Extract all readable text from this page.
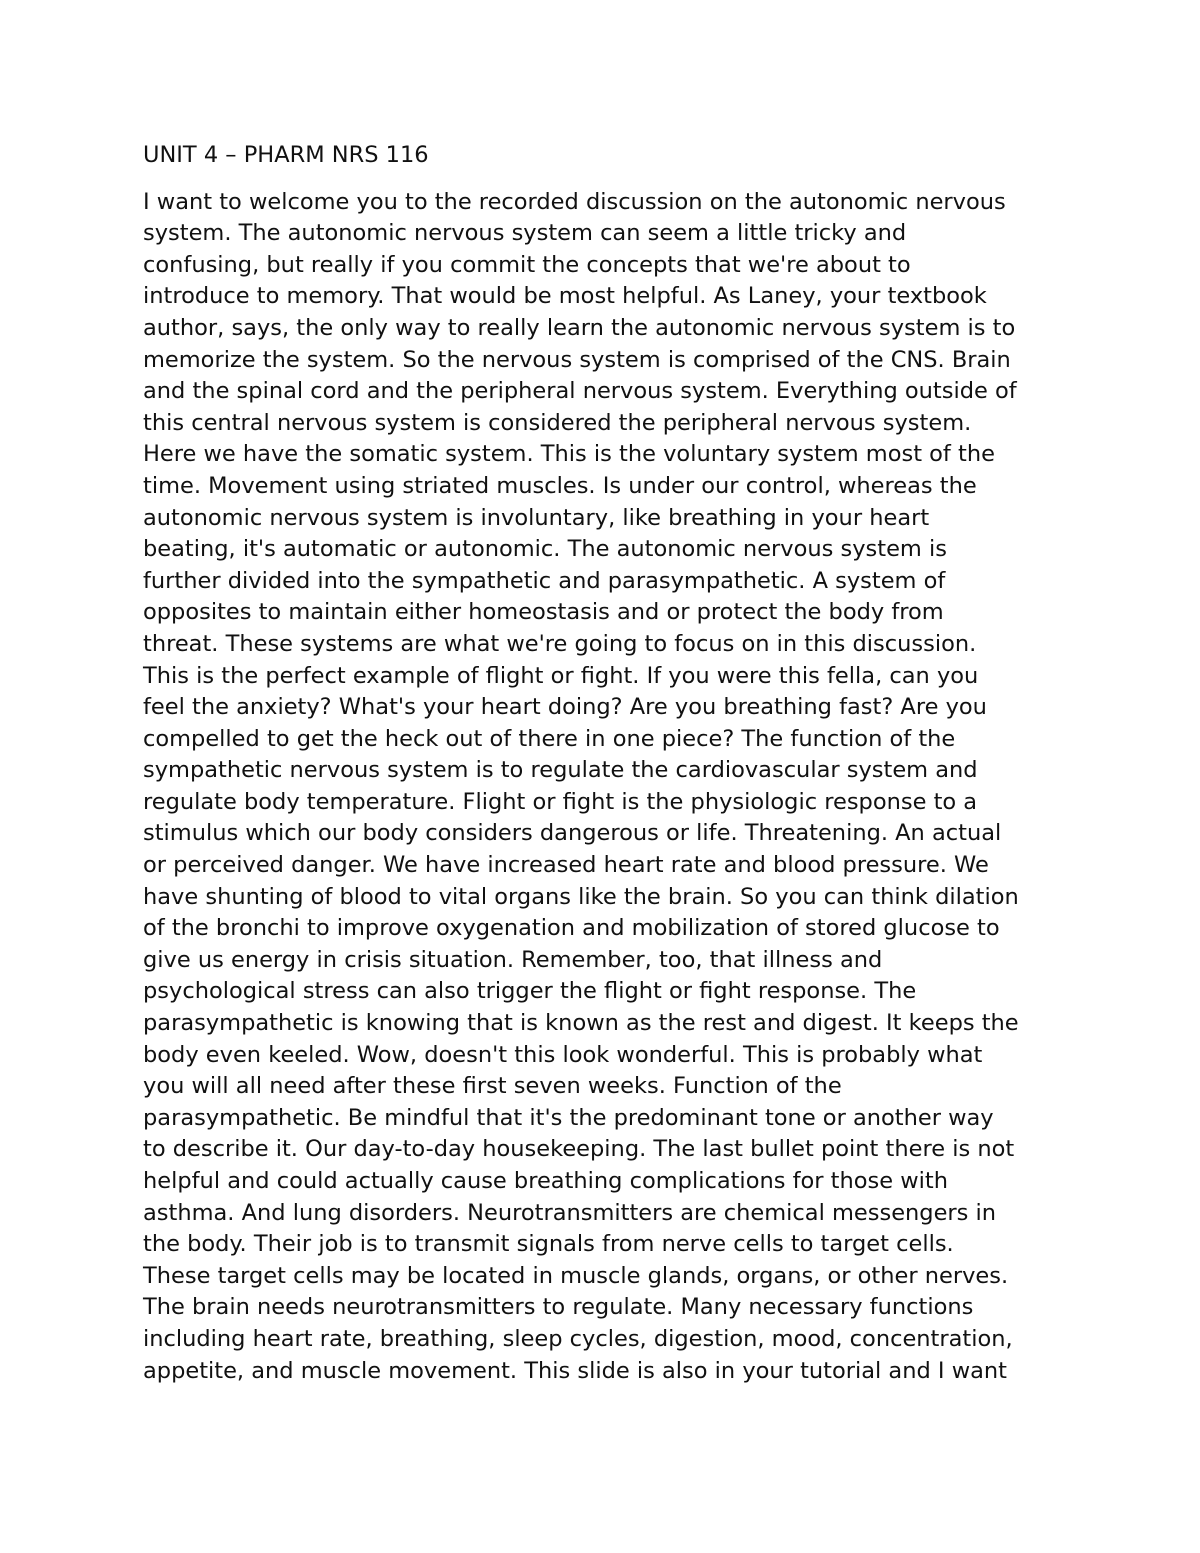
UNIT 4 – PHARM NRS 116
I want to welcome you to the recorded discussion on the autonomic nervous
system. The autonomic nervous system can seem a little tricky and
confusing, but really if you commit the concepts that we're about to
introduce to memory. That would be most helpful. As Laney, your textbook
author, says, the only way to really learn the autonomic nervous system is to
memorize the system. So the nervous system is comprised of the CNS. Brain
and the spinal cord and the peripheral nervous system. Everything outside of
this central nervous system is considered the peripheral nervous system.
Here we have the somatic system. This is the voluntary system most of the
time. Movement using striated muscles. Is under our control, whereas the
autonomic nervous system is involuntary, like breathing in your heart
beating, it's automatic or autonomic. The autonomic nervous system is
further divided into the sympathetic and parasympathetic. A system of
opposites to maintain either homeostasis and or protect the body from
threat. These systems are what we're going to focus on in this discussion.
This is the perfect example of flight or fight. If you were this fella, can you
feel the anxiety? What's your heart doing? Are you breathing fast? Are you
compelled to get the heck out of there in one piece? The function of the
sympathetic nervous system is to regulate the cardiovascular system and
regulate body temperature. Flight or fight is the physiologic response to a
stimulus which our body considers dangerous or life. Threatening. An actual
or perceived danger. We have increased heart rate and blood pressure. We
have shunting of blood to vital organs like the brain. So you can think dilation
of the bronchi to improve oxygenation and mobilization of stored glucose to
give us energy in crisis situation. Remember, too, that illness and
psychological stress can also trigger the flight or fight response. The
parasympathetic is knowing that is known as the rest and digest. It keeps the
body even keeled. Wow, doesn't this look wonderful. This is probably what
you will all need after these first seven weeks. Function of the
parasympathetic. Be mindful that it's the predominant tone or another way
to describe it. Our day-to-day housekeeping. The last bullet point there is not
helpful and could actually cause breathing complications for those with
asthma. And lung disorders. Neurotransmitters are chemical messengers in
the body. Their job is to transmit signals from nerve cells to target cells.
These target cells may be located in muscle glands, organs, or other nerves.
The brain needs neurotransmitters to regulate. Many necessary functions
including heart rate, breathing, sleep cycles, digestion, mood, concentration,
appetite, and muscle movement. This slide is also in your tutorial and I want
